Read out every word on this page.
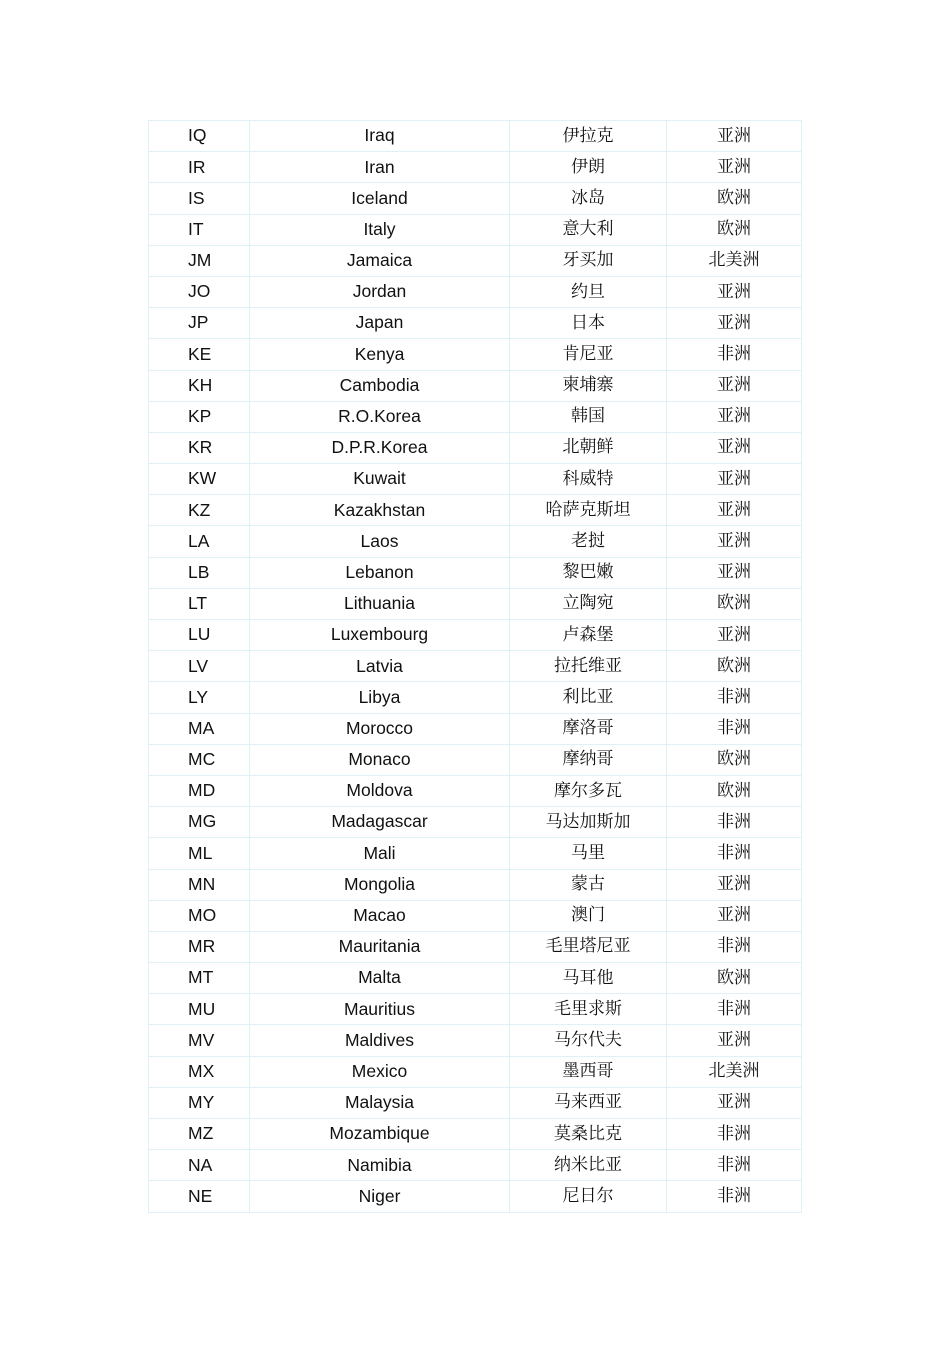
IQ	Iraq	伊拉克	亚洲
IR	Iran	伊朗	亚洲
IS	Iceland	冰岛	欧洲
IT	Italy	意大利	欧洲
JM	Jamaica	牙买加	北美洲
JO	Jordan	约旦	亚洲
JP	Japan	日本	亚洲
KE	Kenya	肯尼亚	非洲
KH	Cambodia	柬埔寨	亚洲
KP	R.O.Korea	韩国	亚洲
KR	D.P.R.Korea	北朝鲜	亚洲
KW	Kuwait	科威特	亚洲
KZ	Kazakhstan	哈萨克斯坦	亚洲
LA	Laos	老挝	亚洲
LB	Lebanon	黎巴嫩	亚洲
LT	Lithuania	立陶宛	欧洲
LU	Luxembourg	卢森堡	亚洲
LV	Latvia	拉托维亚	欧洲
LY	Libya	利比亚	非洲
MA	Morocco	摩洛哥	非洲
MC	Monaco	摩纳哥	欧洲
MD	Moldova	摩尔多瓦	欧洲
MG	Madagascar	马达加斯加	非洲
ML	Mali	马里	非洲
MN	Mongolia	蒙古	亚洲
MO	Macao	澳门	亚洲
MR	Mauritania	毛里塔尼亚	非洲
MT	Malta	马耳他	欧洲
MU	Mauritius	毛里求斯	非洲
MV	Maldives	马尔代夫	亚洲
MX	Mexico	墨西哥	北美洲
MY	Malaysia	马来西亚	亚洲
MZ	Mozambique	莫桑比克	非洲
NA	Namibia	纳米比亚	非洲
NE	Niger	尼日尔	非洲
